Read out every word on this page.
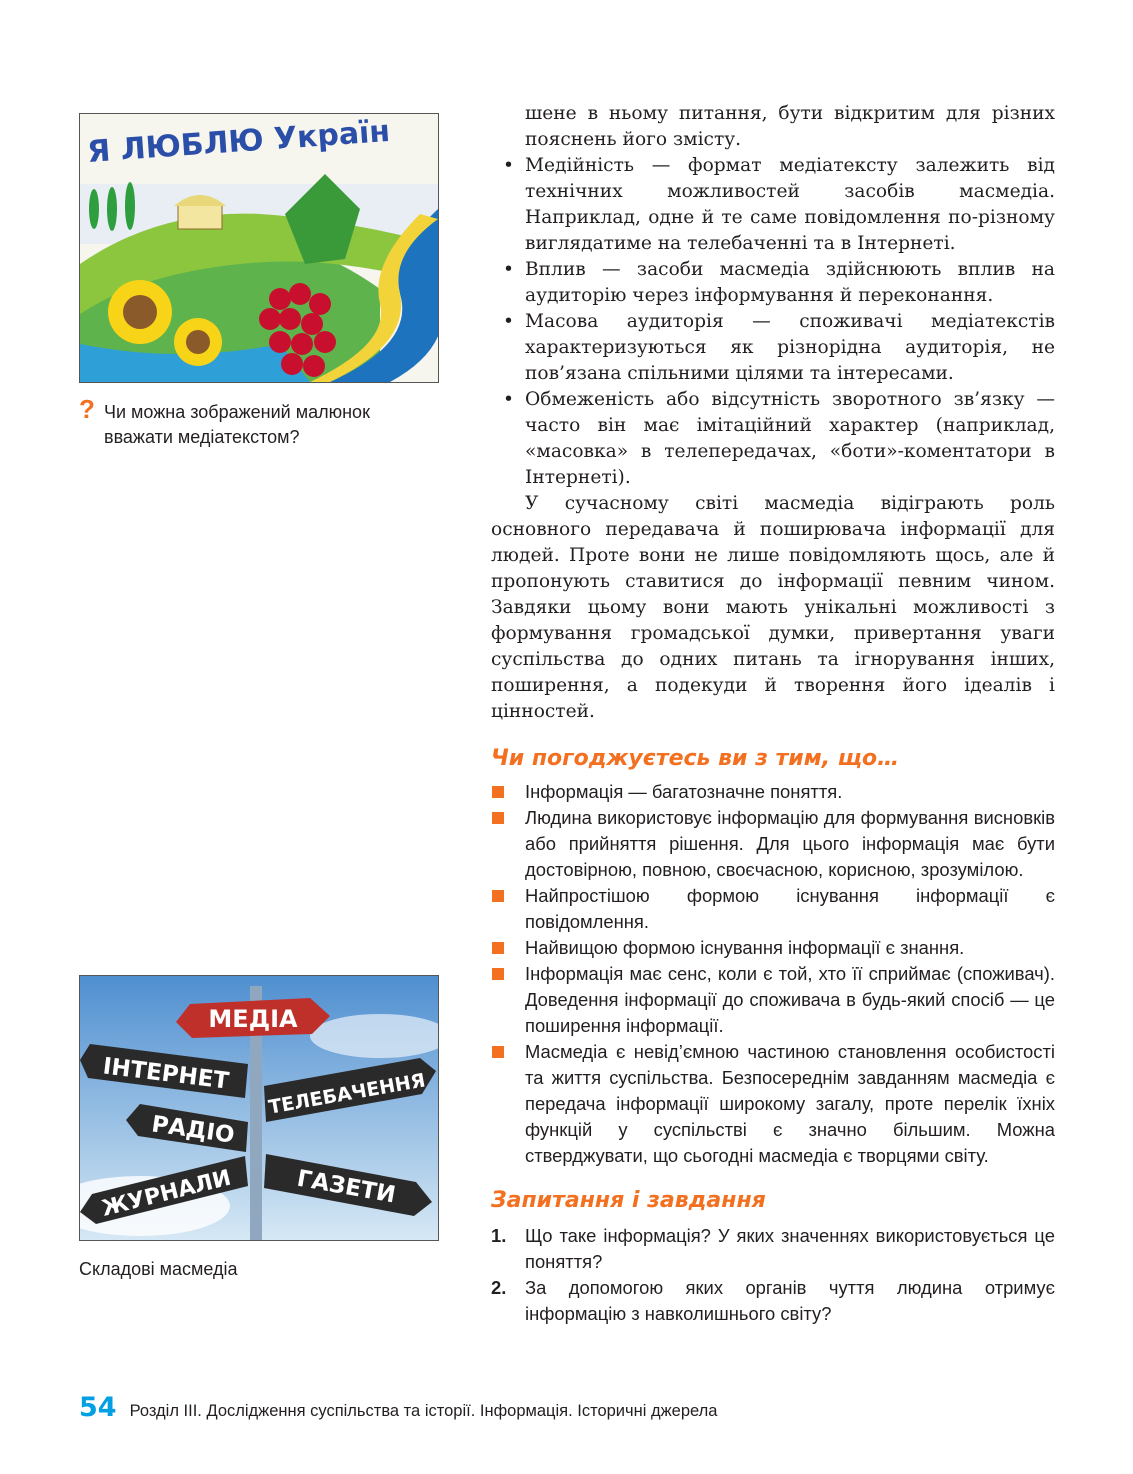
Я ЛЮБЛЮ Україн
? Чи можна зображений малюнок вважати медіатекстом?
МЕДІА
ІНТЕРНЕТ ТЕЛЕБАЧЕННЯ
РАДІО
ЖУРНАЛИ	ГАЗЕТИ
Складові масмедіа

шене в ньому питання, бути відкритим для різних пояснень його змісту.

• Медійність — формат медіатексту залежить від технічних можливостей засобів масмедіа. Наприклад, одне й те саме повідомлення по-різному виглядатиме на телебаченні та в Інтернеті.

• Вплив — засоби масмедіа здійснюють вплив на аудиторію через інформування й переконання.

• Масова аудиторія — споживачі медіатекстів характеризуються як різнорідна аудиторія, не пов’язана спільними цілями та інтересами.

• Обмеженість або відсутність зворотного зв’язку — часто він має імітаційний характер (наприклад, «масовка» в телепередачах, «боти»-коментатори в Інтернеті).

У сучасному світі масмедіа відіграють роль основного передавача й поширювача інформації для людей. Проте вони не лише повідомляють щось, але й пропонують ставитися до інформації певним чином. Завдяки цьому вони мають унікальні можливості з формування громадської думки, привертання уваги суспільства до одних питань та ігнорування інших, поширення, а подекуди й творення його ідеалів і цінностей.

Чи погоджуєтесь ви з тим, що…
Інформація — багатозначне поняття.
Людина використовує інформацію для формування висновків або прийняття рішення. Для цього інформація має бути достовірною, повною, своєчасною, корисною, зрозумілою.
Найпростішою формою існування інформації є повідомлення.
Найвищою формою існування інформації є знання.
Інформація має сенс, коли є той, хто її сприймає (споживач). Доведення інформації до споживача в будь-який спосіб — це поширення інформації.
Масмедіа є невід’ємною частиною становлення особистості та життя суспільства. Безпосереднім завданням масмедіа є передача інформації широкому загалу, проте перелік їхніх функцій у суспільстві є значно більшим. Можна стверджувати, що сьогодні масмедіа є творцями світу.
Запитання і завдання
1. Що таке інформація? У яких значеннях використовується це поняття?
2. За допомогою яких органів чуття людина отримує інформацію з навколишнього світу?
54 Розділ ІІІ. Дослідження суспільства та історії. Інформація. Історичні джерела
